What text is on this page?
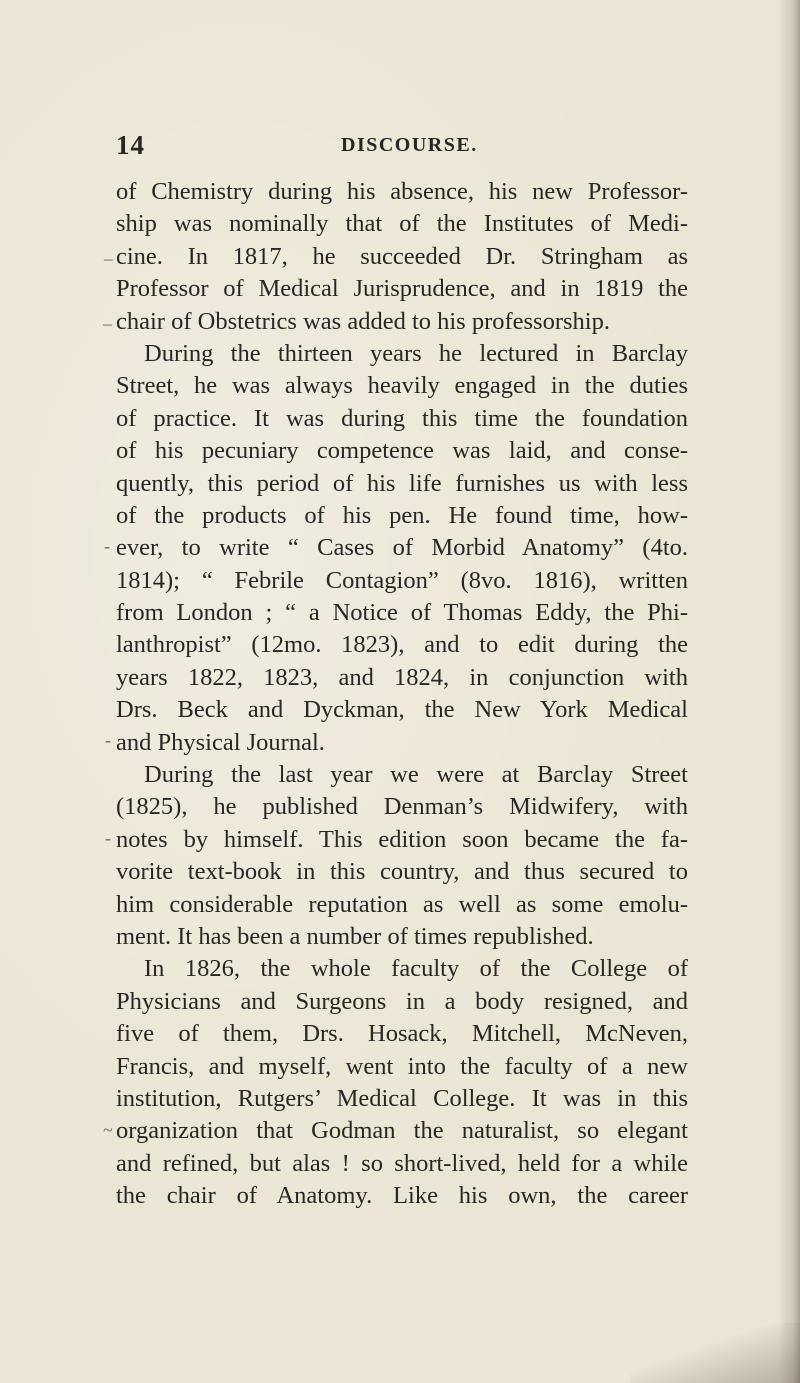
14	DISCOURSE.
_
_
-
-
-
~
of Chemistry during his absence, his new Professor-
ship was nominally that of the Institutes of Medi-
cine. In 1817, he succeeded Dr. Stringham as
Professor of Medical Jurisprudence, and in 1819 the
chair of Obstetrics was added to his professorship.
During the thirteen years he lectured in Barclay
Street, he was always heavily engaged in the duties
of practice. It was during this time the foundation
of his pecuniary competence was laid, and conse-
quently, this period of his life furnishes us with less
of the products of his pen. He found time, how-
ever, to write “ Cases of Morbid Anatomy” (4to.
1814); “ Febrile Contagion” (8vo. 1816), written
from London ; “ a Notice of Thomas Eddy, the Phi-
lanthropist” (12mo. 1823), and to edit during the
years 1822, 1823, and 1824, in conjunction with
Drs. Beck and Dyckman, the New York Medical
and Physical Journal.
During the last year we were at Barclay Street
(1825), he published Denman’s Midwifery, with
notes by himself. This edition soon became the fa-
vorite text-book in this country, and thus secured to
him considerable reputation as well as some emolu-
ment. It has been a number of times republished.
In 1826, the whole faculty of the College of
Physicians and Surgeons in a body resigned, and
five of them, Drs. Hosack, Mitchell, McNeven,
Francis, and myself, went into the faculty of a new
institution, Rutgers’ Medical College. It was in this
organization that Godman the naturalist, so elegant
and refined, but alas ! so short-lived, held for a while
the chair of Anatomy. Like his own, the career
